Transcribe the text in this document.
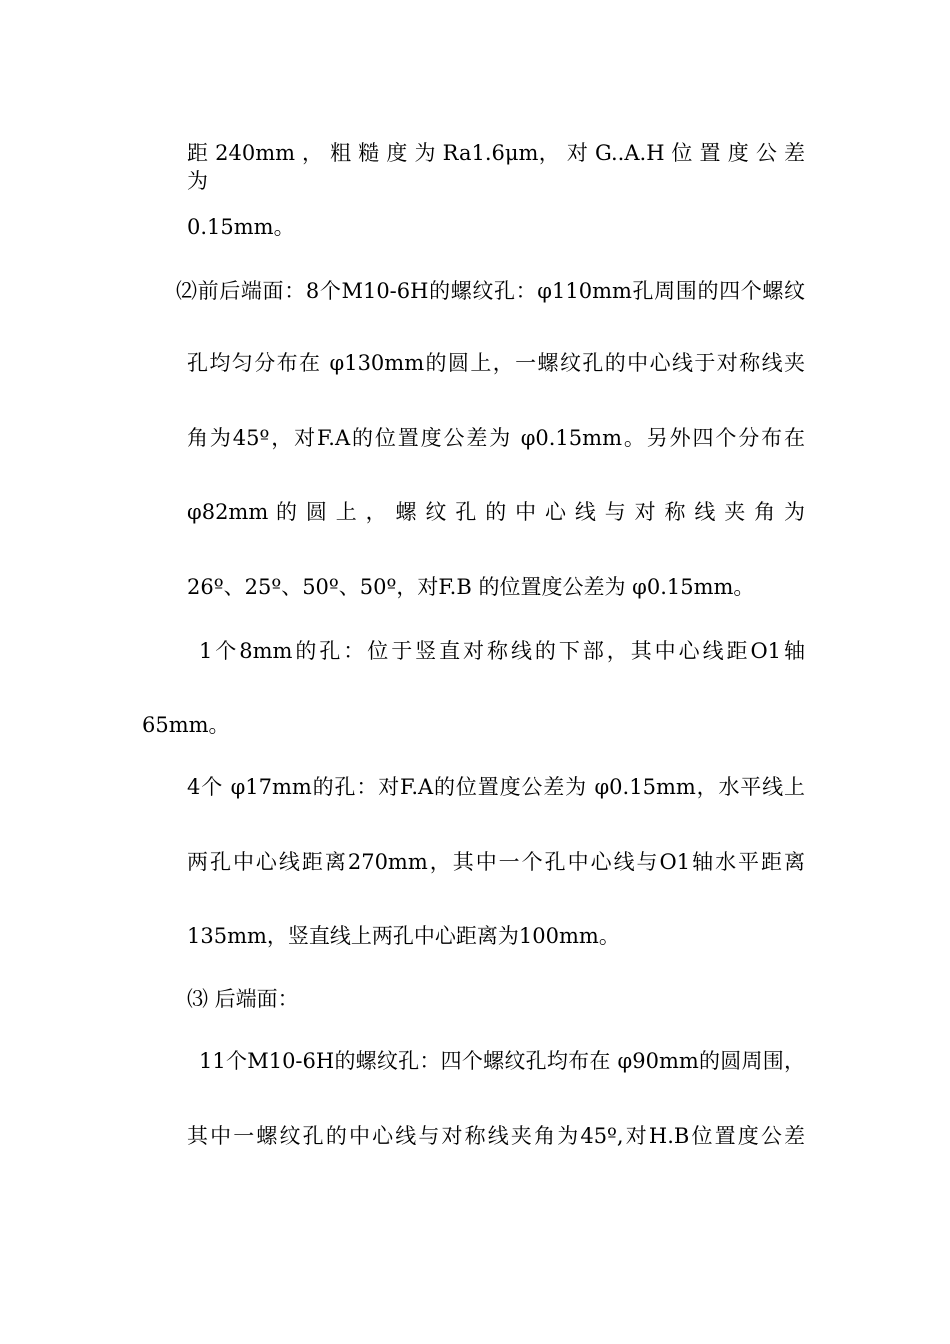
距 240mm ， 粗 糙 度 为 Ra1.6μm， 对 G..A.H 位 置 度 公 差 为
0.15mm。
⑵前后端面：8个M10-6H的螺纹孔：φ110mm孔周围的四个螺纹
孔均匀分布在 φ130mm的圆上，一螺纹孔的中心线于对称线夹
角为45º，对F.A的位置度公差为 φ0.15mm。另外四个分布在
φ82mm 的 圆 上 ， 螺 纹 孔 的 中 心 线 与 对 称 线 夹 角 为
26º、25º、50º、50º，对F.B 的位置度公差为 φ0.15mm。
1个8mm的孔：位于竖直对称线的下部，其中心线距O1轴
65mm。
4个 φ17mm的孔：对F.A的位置度公差为 φ0.15mm，水平线上
两孔中心线距离270mm，其中一个孔中心线与O1轴水平距离
135mm，竖直线上两孔中心距离为100mm。
⑶ 后端面：
11个M10-6H的螺纹孔：四个螺纹孔均布在 φ90mm的圆周围，
其中一螺纹孔的中心线与对称线夹角为45º,对H.B位置度公差
